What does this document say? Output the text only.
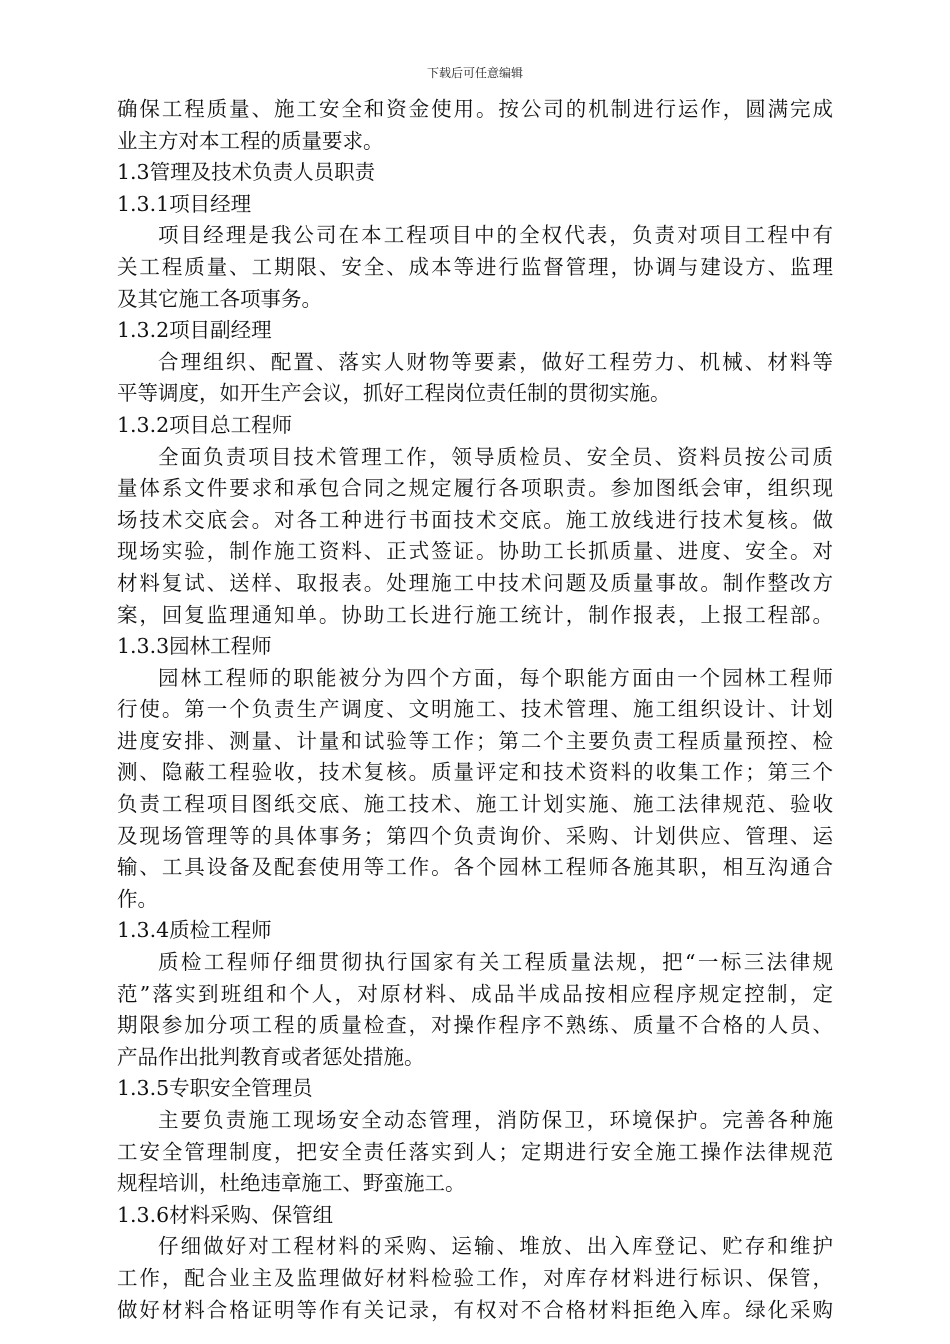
下载后可任意编辑
确保工程质量、施工安全和资金使用。按公司的机制进行运作，圆满完成
业主方对本工程的质量要求。
1.3管理及技术负责人员职责
1.3.1项目经理
项目经理是我公司在本工程项目中的全权代表，负责对项目工程中有
关工程质量、工期限、安全、成本等进行监督管理，协调与建设方、监理
及其它施工各项事务。
1.3.2项目副经理
合理组织、配置、落实人财物等要素，做好工程劳力、机械、材料等
平等调度，如开生产会议，抓好工程岗位责任制的贯彻实施。
1.3.2项目总工程师
全面负责项目技术管理工作，领导质检员、安全员、资料员按公司质
量体系文件要求和承包合同之规定履行各项职责。参加图纸会审，组织现
场技术交底会。对各工种进行书面技术交底。施工放线进行技术复核。做
现场实验，制作施工资料、正式签证。协助工长抓质量、进度、安全。对
材料复试、送样、取报表。处理施工中技术问题及质量事故。制作整改方
案，回复监理通知单。协助工长进行施工统计，制作报表，上报工程部。
1.3.3园林工程师
园林工程师的职能被分为四个方面，每个职能方面由一个园林工程师
行使。第一个负责生产调度、文明施工、技术管理、施工组织设计、计划
进度安排、测量、计量和试验等工作；第二个主要负责工程质量预控、检
测、隐蔽工程验收，技术复核。质量评定和技术资料的收集工作；第三个
负责工程项目图纸交底、施工技术、施工计划实施、施工法律规范、验收
及现场管理等的具体事务；第四个负责询价、采购、计划供应、管理、运
输、工具设备及配套使用等工作。各个园林工程师各施其职，相互沟通合
作。
1.3.4质检工程师
质检工程师仔细贯彻执行国家有关工程质量法规，把“一标三法律规
范”落实到班组和个人，对原材料、成品半成品按相应程序规定控制，定
期限参加分项工程的质量检查，对操作程序不熟练、质量不合格的人员、
产品作出批判教育或者惩处措施。
1.3.5专职安全管理员
主要负责施工现场安全动态管理，消防保卫，环境保护。完善各种施
工安全管理制度，把安全责任落实到人；定期进行安全施工操作法律规范
规程培训，杜绝违章施工、野蛮施工。
1.3.6材料采购、保管组
仔细做好对工程材料的采购、运输、堆放、出入库登记、贮存和维护
工作，配合业主及监理做好材料检验工作，对库存材料进行标识、保管，
做好材料合格证明等作有关记录，有权对不合格材料拒绝入库。绿化采购
